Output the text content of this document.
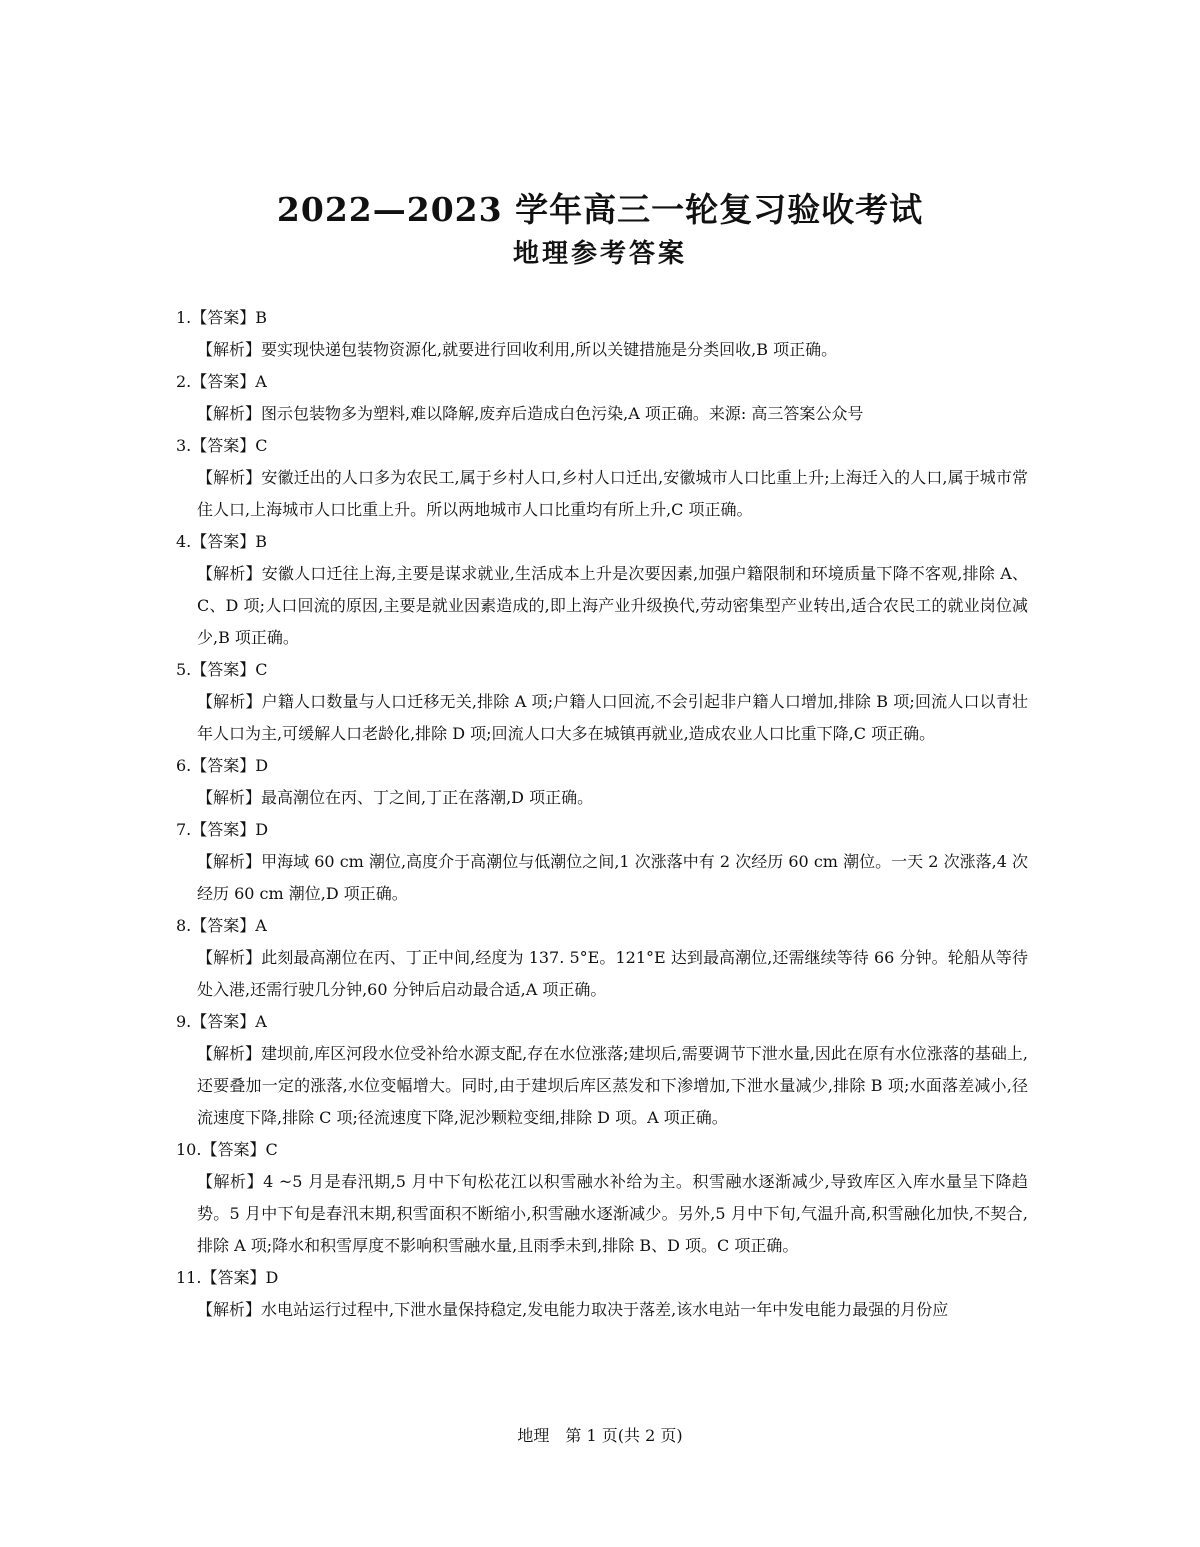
2022—2023 学年高三一轮复习验收考试
地理参考答案
1.【答案】B
【解析】要实现快递包装物资源化,就要进行回收利用,所以关键措施是分类回收,B 项正确。
2.【答案】A
【解析】图示包装物多为塑料,难以降解,废弃后造成白色污染,A 项正确。来源: 高三答案公众号
3.【答案】C
【解析】安徽迁出的人口多为农民工,属于乡村人口,乡村人口迁出,安徽城市人口比重上升;上海迁入的人口,属于城市常住人口,上海城市人口比重上升。所以两地城市人口比重均有所上升,C 项正确。
4.【答案】B
【解析】安徽人口迁往上海,主要是谋求就业,生活成本上升是次要因素,加强户籍限制和环境质量下降不客观,排除 A、C、D 项;人口回流的原因,主要是就业因素造成的,即上海产业升级换代,劳动密集型产业转出,适合农民工的就业岗位减少,B 项正确。
5.【答案】C
【解析】户籍人口数量与人口迁移无关,排除 A 项;户籍人口回流,不会引起非户籍人口增加,排除 B 项;回流人口以青壮年人口为主,可缓解人口老龄化,排除 D 项;回流人口大多在城镇再就业,造成农业人口比重下降,C 项正确。
6.【答案】D
【解析】最高潮位在丙、丁之间,丁正在落潮,D 项正确。
7.【答案】D
【解析】甲海域 60 cm 潮位,高度介于高潮位与低潮位之间,1 次涨落中有 2 次经历 60 cm 潮位。一天 2 次涨落,4 次经历 60 cm 潮位,D 项正确。
8.【答案】A
【解析】此刻最高潮位在丙、丁正中间,经度为 137. 5°E。121°E 达到最高潮位,还需继续等待 66 分钟。轮船从等待处入港,还需行驶几分钟,60 分钟后启动最合适,A 项正确。
9.【答案】A
【解析】建坝前,库区河段水位受补给水源支配,存在水位涨落;建坝后,需要调节下泄水量,因此在原有水位涨落的基础上,还要叠加一定的涨落,水位变幅增大。同时,由于建坝后库区蒸发和下渗增加,下泄水量减少,排除 B 项;水面落差减小,径流速度下降,排除 C 项;径流速度下降,泥沙颗粒变细,排除 D 项。A 项正确。
10.【答案】C
【解析】4 ~5 月是春汛期,5 月中下旬松花江以积雪融水补给为主。积雪融水逐渐减少,导致库区入库水量呈下降趋势。5 月中下旬是春汛末期,积雪面积不断缩小,积雪融水逐渐减少。另外,5 月中下旬,气温升高,积雪融化加快,不契合,排除 A 项;降水和积雪厚度不影响积雪融水量,且雨季未到,排除 B、D 项。C 项正确。
11.【答案】D
【解析】水电站运行过程中,下泄水量保持稳定,发电能力取决于落差,该水电站一年中发电能力最强的月份应
地理　第 1 页(共 2 页)
